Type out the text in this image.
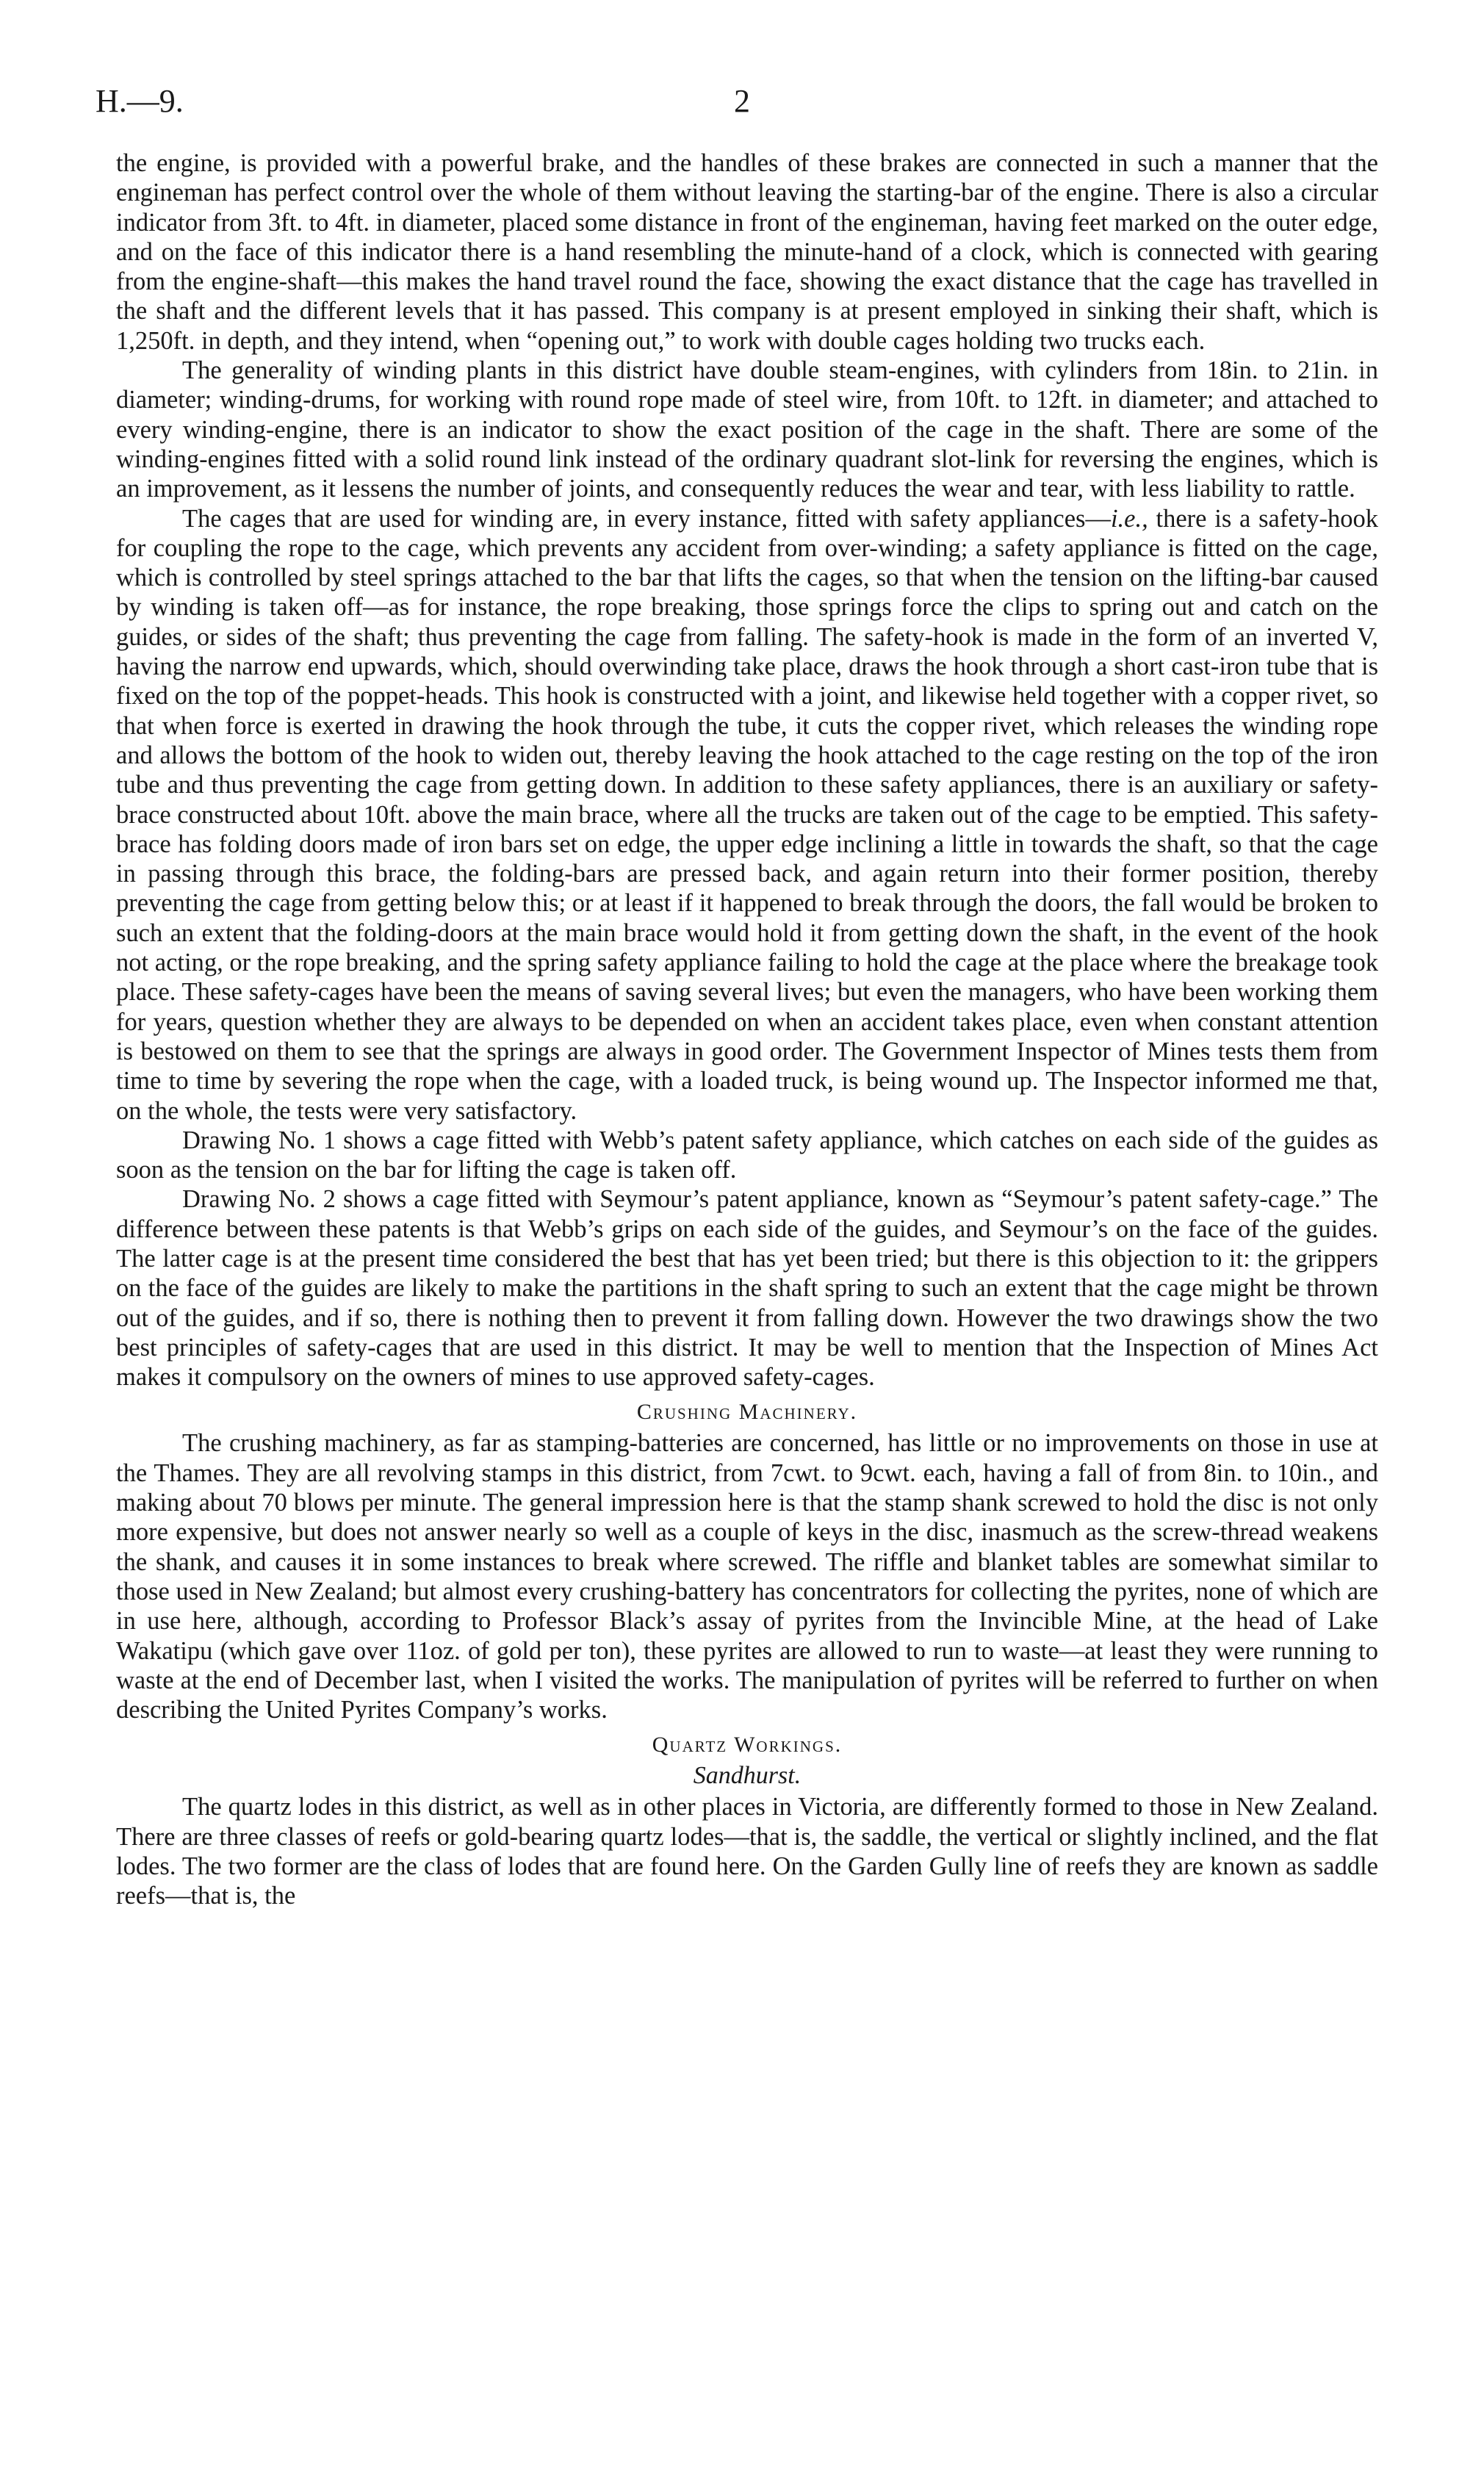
H.—9.	2

the engine, is provided with a powerful brake, and the handles of these brakes are connected in such a manner that the engineman has perfect control over the whole of them without leaving the starting-bar of the engine. There is also a circular indicator from 3ft. to 4ft. in diameter, placed some distance in front of the engineman, having feet marked on the outer edge, and on the face of this indicator there is a hand resembling the minute-hand of a clock, which is connected with gearing from the engine-shaft—this makes the hand travel round the face, showing the exact distance that the cage has travelled in the shaft and the different levels that it has passed. This company is at present employed in sinking their shaft, which is 1,250ft. in depth, and they intend, when “opening out,” to work with double cages holding two trucks each.

The generality of winding plants in this district have double steam-engines, with cylinders from 18in. to 21in. in diameter; winding-drums, for working with round rope made of steel wire, from 10ft. to 12ft. in diameter; and attached to every winding-engine, there is an indicator to show the exact position of the cage in the shaft. There are some of the winding-engines fitted with a solid round link instead of the ordinary quadrant slot-link for reversing the engines, which is an improvement, as it lessens the number of joints, and consequently reduces the wear and tear, with less liability to rattle.

The cages that are used for winding are, in every instance, fitted with safety appliances—i.e., there is a safety-hook for coupling the rope to the cage, which prevents any accident from over-winding; a safety appliance is fitted on the cage, which is controlled by steel springs attached to the bar that lifts the cages, so that when the tension on the lifting-bar caused by winding is taken off—as for instance, the rope breaking, those springs force the clips to spring out and catch on the guides, or sides of the shaft; thus preventing the cage from falling. The safety-hook is made in the form of an inverted V, having the narrow end upwards, which, should overwinding take place, draws the hook through a short cast-iron tube that is fixed on the top of the poppet-heads. This hook is constructed with a joint, and likewise held together with a copper rivet, so that when force is exerted in drawing the hook through the tube, it cuts the copper rivet, which releases the winding rope and allows the bottom of the hook to widen out, thereby leaving the hook attached to the cage resting on the top of the iron tube and thus preventing the cage from getting down. In addition to these safety appliances, there is an auxiliary or safety-brace constructed about 10ft. above the main brace, where all the trucks are taken out of the cage to be emptied. This safety-brace has folding doors made of iron bars set on edge, the upper edge inclining a little in towards the shaft, so that the cage in passing through this brace, the folding-bars are pressed back, and again return into their former position, thereby preventing the cage from getting below this; or at least if it happened to break through the doors, the fall would be broken to such an extent that the folding-doors at the main brace would hold it from getting down the shaft, in the event of the hook not acting, or the rope breaking, and the spring safety appliance failing to hold the cage at the place where the breakage took place. These safety-cages have been the means of saving several lives; but even the managers, who have been working them for years, question whether they are always to be depended on when an accident takes place, even when constant attention is bestowed on them to see that the springs are always in good order. The Government Inspector of Mines tests them from time to time by severing the rope when the cage, with a loaded truck, is being wound up. The Inspector informed me that, on the whole, the tests were very satisfactory.

Drawing No. 1 shows a cage fitted with Webb’s patent safety appliance, which catches on each side of the guides as soon as the tension on the bar for lifting the cage is taken off.

Drawing No. 2 shows a cage fitted with Seymour’s patent appliance, known as “Seymour’s patent safety-cage.” The difference between these patents is that Webb’s grips on each side of the guides, and Seymour’s on the face of the guides. The latter cage is at the present time considered the best that has yet been tried; but there is this objection to it: the grippers on the face of the guides are likely to make the partitions in the shaft spring to such an extent that the cage might be thrown out of the guides, and if so, there is nothing then to prevent it from falling down. However the two drawings show the two best principles of safety-cages that are used in this district. It may be well to mention that the Inspection of Mines Act makes it compulsory on the owners of mines to use approved safety-cages.

Crushing Machinery.

The crushing machinery, as far as stamping-batteries are concerned, has little or no improvements on those in use at the Thames. They are all revolving stamps in this district, from 7cwt. to 9cwt. each, having a fall of from 8in. to 10in., and making about 70 blows per minute. The general impression here is that the stamp shank screwed to hold the disc is not only more expensive, but does not answer nearly so well as a couple of keys in the disc, inasmuch as the screw-thread weakens the shank, and causes it in some instances to break where screwed. The riffle and blanket tables are somewhat similar to those used in New Zealand; but almost every crushing-battery has concentrators for collecting the pyrites, none of which are in use here, although, according to Professor Black’s assay of pyrites from the Invincible Mine, at the head of Lake Wakatipu (which gave over 11oz. of gold per ton), these pyrites are allowed to run to waste—at least they were running to waste at the end of December last, when I visited the works. The manipulation of pyrites will be referred to further on when describing the United Pyrites Company’s works.

Quartz Workings.
Sandhurst.

The quartz lodes in this district, as well as in other places in Victoria, are differently formed to those in New Zealand. There are three classes of reefs or gold-bearing quartz lodes—that is, the saddle, the vertical or slightly inclined, and the flat lodes. The two former are the class of lodes that are found here. On the Garden Gully line of reefs they are known as saddle reefs—that is, the
